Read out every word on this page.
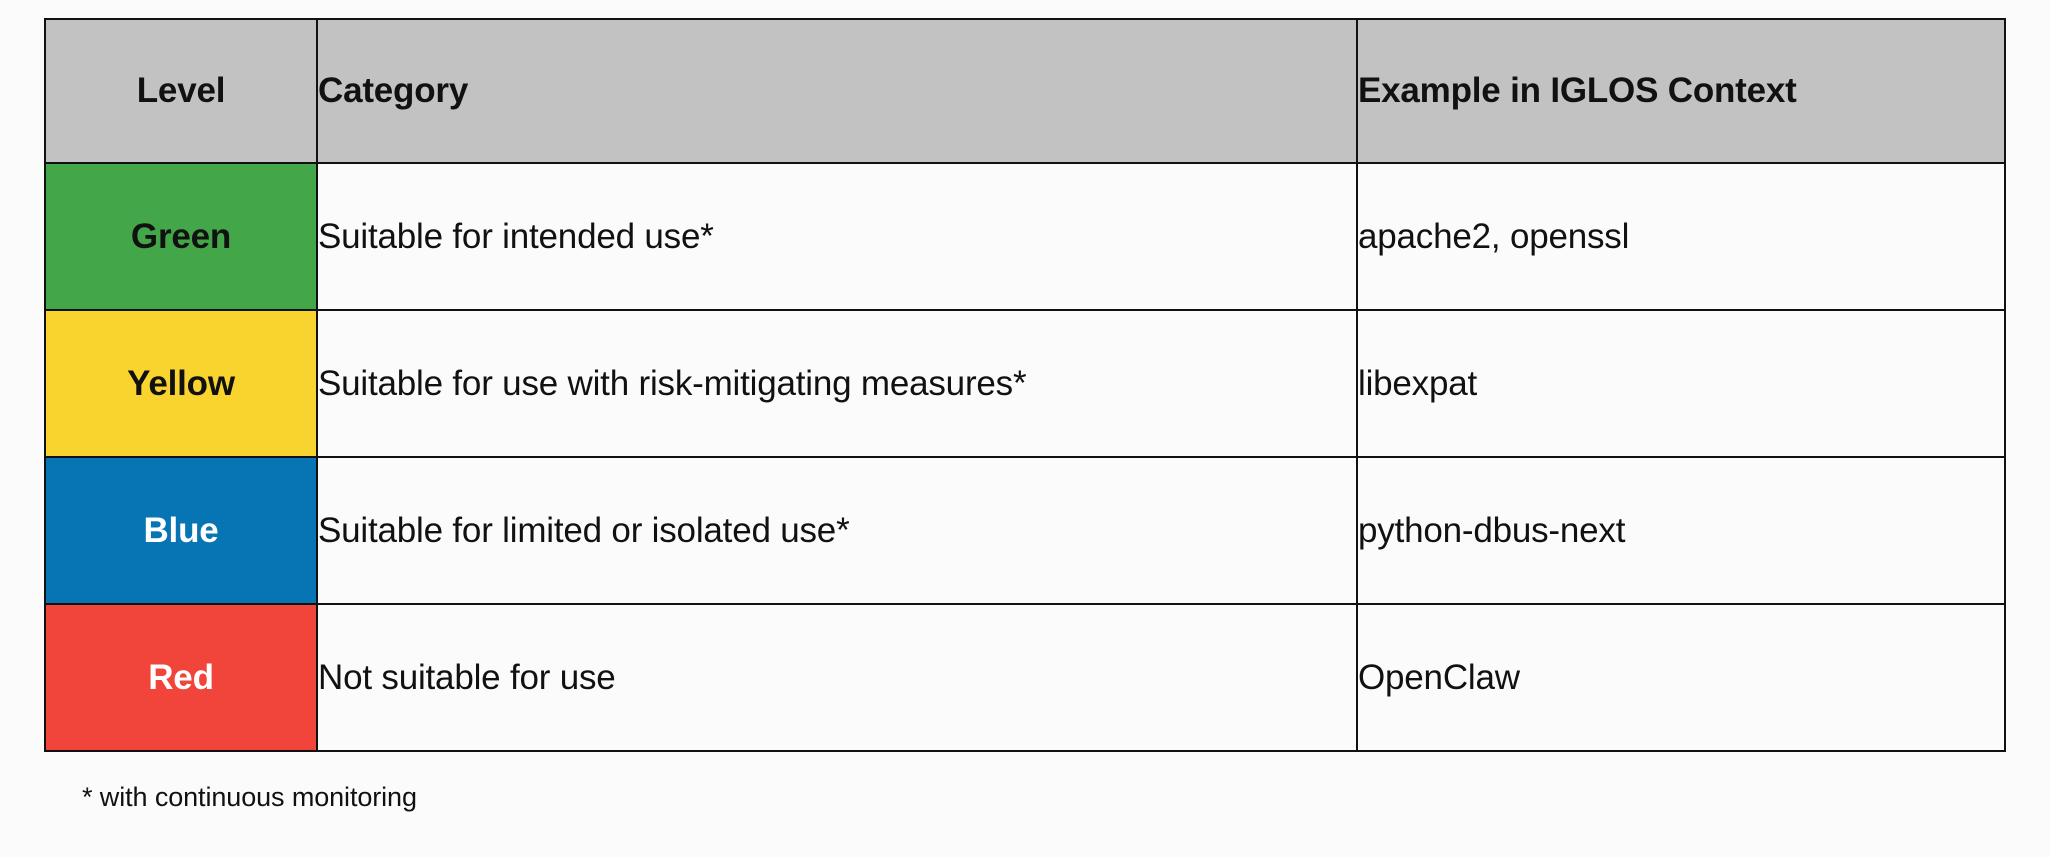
Level	Category	Example in IGLOS Context
Green	Suitable for intended use*	apache2, openssl
Yellow	Suitable for use with risk-mitigating measures*	libexpat
Blue	Suitable for limited or isolated use*	python-dbus-next
Red	Not suitable for use	OpenClaw
* with continuous monitoring
